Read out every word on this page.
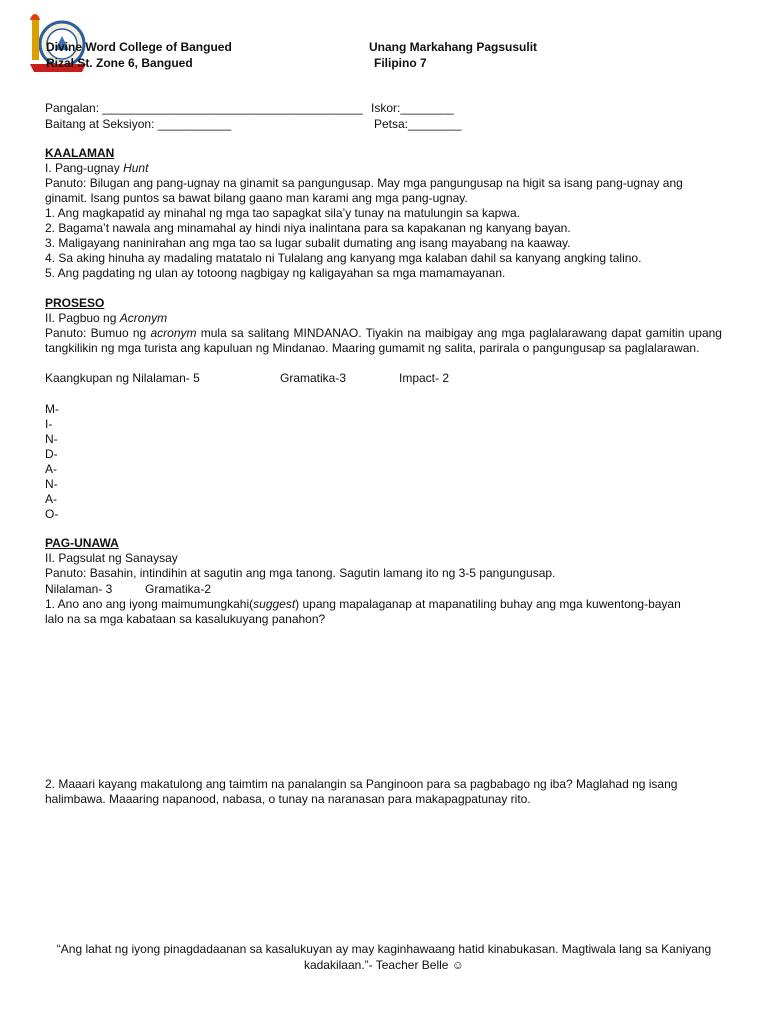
Divine Word College of Bangued
Rizal St. Zone 6, Bangued
Unang Markahang Pagsusulit
Filipino 7
Pangalan: _______________________________________ Iskor:________
Baitang at Seksiyon: ___________	Petsa:________
KAALAMAN
I. Pang-ugnay Hunt
Panuto: Bilugan ang pang-ugnay na ginamit sa pangungusap. May mga pangungusap na higit sa isang pang-ugnay ang
ginamit. Isang puntos sa bawat bilang gaano man karami ang mga pang-ugnay.
1. Ang magkapatid ay minahal ng mga tao sapagkat sila’y tunay na matulungin sa kapwa.
2. Bagama’t nawala ang minamahal ay hindi niya inalintana para sa kapakanan ng kanyang bayan.
3. Maligayang naninirahan ang mga tao sa lugar subalit dumating ang isang mayabang na kaaway.
4. Sa aking hinuha ay madaling matatalo ni Tulalang ang kanyang mga kalaban dahil sa kanyang angking talino.
5. Ang pagdating ng ulan ay totoong nagbigay ng kaligayahan sa mga mamamayanan.
PROSESO
II. Pagbuo ng Acronym
Panuto: Bumuo ng acronym mula sa salitang MINDANAO. Tiyakin na maibigay ang mga paglalarawang dapat gamitin upang tangkilikin ng mga turista ang kapuluan ng Mindanao. Maaring gumamit ng salita, parirala o pangungusap sa paglalarawan.
Kaangkupan ng Nilalaman- 5	Gramatika-3	Impact- 2
M-
I-
N-
D-
A-
N-
A-
O-
PAG-UNAWA
II. Pagsulat ng Sanaysay
Panuto: Basahin, intindihin at sagutin ang mga tanong. Sagutin lamang ito ng 3-5 pangungusap.
Nilalaman- 3	Gramatika-2
1. Ano ano ang iyong maimumungkahi(suggest) upang mapalaganap at mapanatiling buhay ang mga kuwentong-bayan
lalo na sa mga kabataan sa kasalukuyang panahon?
2. Maaari kayang makatulong ang taimtim na panalangin sa Panginoon para sa pagbabago ng iba? Maglahad ng isang
halimbawa. Maaaring napanood, nabasa, o tunay na naranasan para makapagpatunay rito.
“Ang lahat ng iyong pinagdadaanan sa kasalukuyan ay may kaginhawaang hatid kinabukasan. Magtiwala lang sa Kaniyang
kadakilaan.”- Teacher Belle ☺
